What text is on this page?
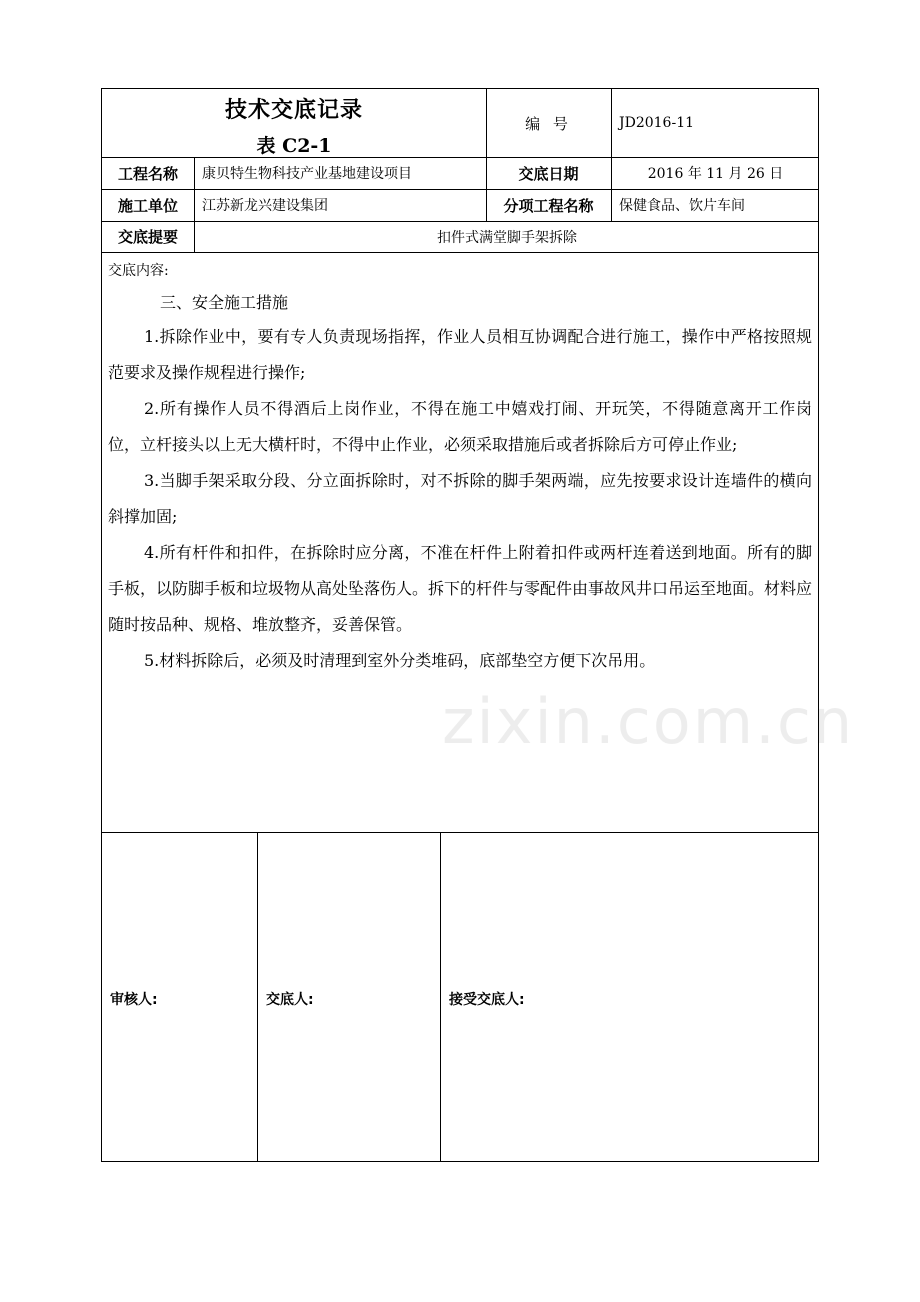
技术交底记录
表 C2-1
编 号	JD2016-11
工程名称	康贝特生物科技产业基地建设项目	交底日期	2016 年 11 月 26 日
施工单位	江苏新龙兴建设集团	分项工程名称	保健食品、饮片车间
交底提要	扣件式满堂脚手架拆除
交底内容:
三、安全施工措施

1.拆除作业中，要有专人负责现场指挥，作业人员相互协调配合进行施工，操作中严格按照规范要求及操作规程进行操作;

2.所有操作人员不得酒后上岗作业，不得在施工中嬉戏打闹、开玩笑，不得随意离开工作岗位，立杆接头以上无大横杆时，不得中止作业，必须采取措施后或者拆除后方可停止作业;

3.当脚手架采取分段、分立面拆除时，对不拆除的脚手架两端，应先按要求设计连墙件的横向斜撑加固;

4.所有杆件和扣件，在拆除时应分离，不准在杆件上附着扣件或两杆连着送到地面。所有的脚手板，以防脚手板和垃圾物从高处坠落伤人。拆下的杆件与零配件由事故风井口吊运至地面。材料应随时按品种、规格、堆放整齐，妥善保管。

5.材料拆除后，必须及时清理到室外分类堆码，底部垫空方便下次吊用。

审核人:	交底人:	接受交底人:
zixin.com.cn
